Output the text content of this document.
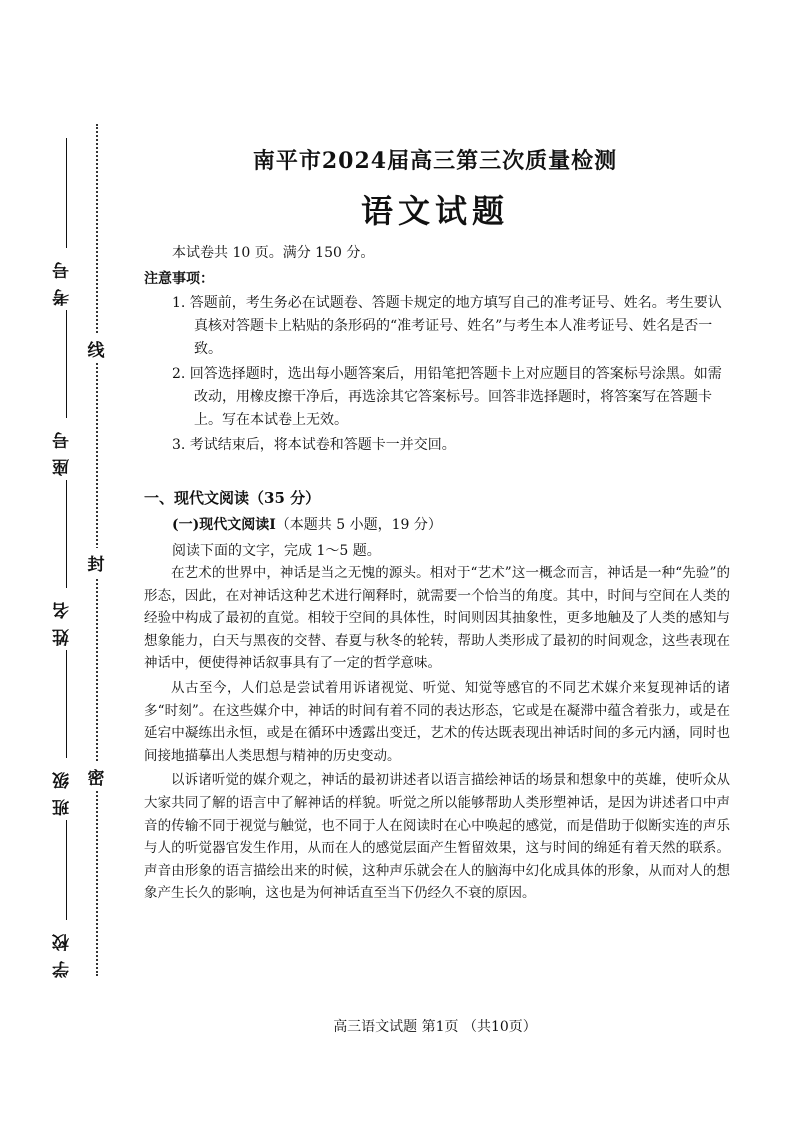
考号
座号
姓名
班级
学校
线
封
密
南平市2024届高三第三次质量检测
语文试题
本试卷共 10 页。满分 150 分。
注意事项：
1. 答题前，考生务必在试题卷、答题卡规定的地方填写自己的准考证号、姓名。考生要认真核对答题卡上粘贴的条形码的“准考证号、姓名”与考生本人准考证号、姓名是否一致。
2. 回答选择题时，选出每小题答案后，用铅笔把答题卡上对应题目的答案标号涂黑。如需改动，用橡皮擦干净后，再选涂其它答案标号。回答非选择题时，将答案写在答题卡上。写在本试卷上无效。
3. 考试结束后，将本试卷和答题卡一并交回。
一、现代文阅读（35 分）
(一)现代文阅读Ⅰ（本题共 5 小题，19 分）
阅读下面的文字，完成 1～5 题。

在艺术的世界中，神话是当之无愧的源头。相对于“艺术”这一概念而言，神话是一种“先验”的形态，因此，在对神话这种艺术进行阐释时，就需要一个恰当的角度。其中，时间与空间在人类的经验中构成了最初的直觉。相较于空间的具体性，时间则因其抽象性，更多地触及了人类的感知与想象能力，白天与黑夜的交替、春夏与秋冬的轮转，帮助人类形成了最初的时间观念，这些表现在神话中，便使得神话叙事具有了一定的哲学意味。

从古至今，人们总是尝试着用诉诸视觉、听觉、知觉等感官的不同艺术媒介来复现神话的诸多“时刻”。在这些媒介中，神话的时间有着不同的表达形态，它或是在凝滞中蕴含着张力，或是在延宕中凝练出永恒，或是在循环中透露出变迁，艺术的传达既表现出神话时间的多元内涵，同时也间接地描摹出人类思想与精神的历史变动。

以诉诸听觉的媒介观之，神话的最初讲述者以语言描绘神话的场景和想象中的英雄，使听众从大家共同了解的语言中了解神话的样貌。听觉之所以能够帮助人类形塑神话，是因为讲述者口中声音的传输不同于视觉与触觉，也不同于人在阅读时在心中唤起的感觉，而是借助于似断实连的声乐与人的听觉器官发生作用，从而在人的感觉层面产生暂留效果，这与时间的绵延有着天然的联系。声音由形象的语言描绘出来的时候，这种声乐就会在人的脑海中幻化成具体的形象，从而对人的想象产生长久的影响，这也是为何神话直至当下仍经久不衰的原因。

高三语文试题 第1页 （共10页）
